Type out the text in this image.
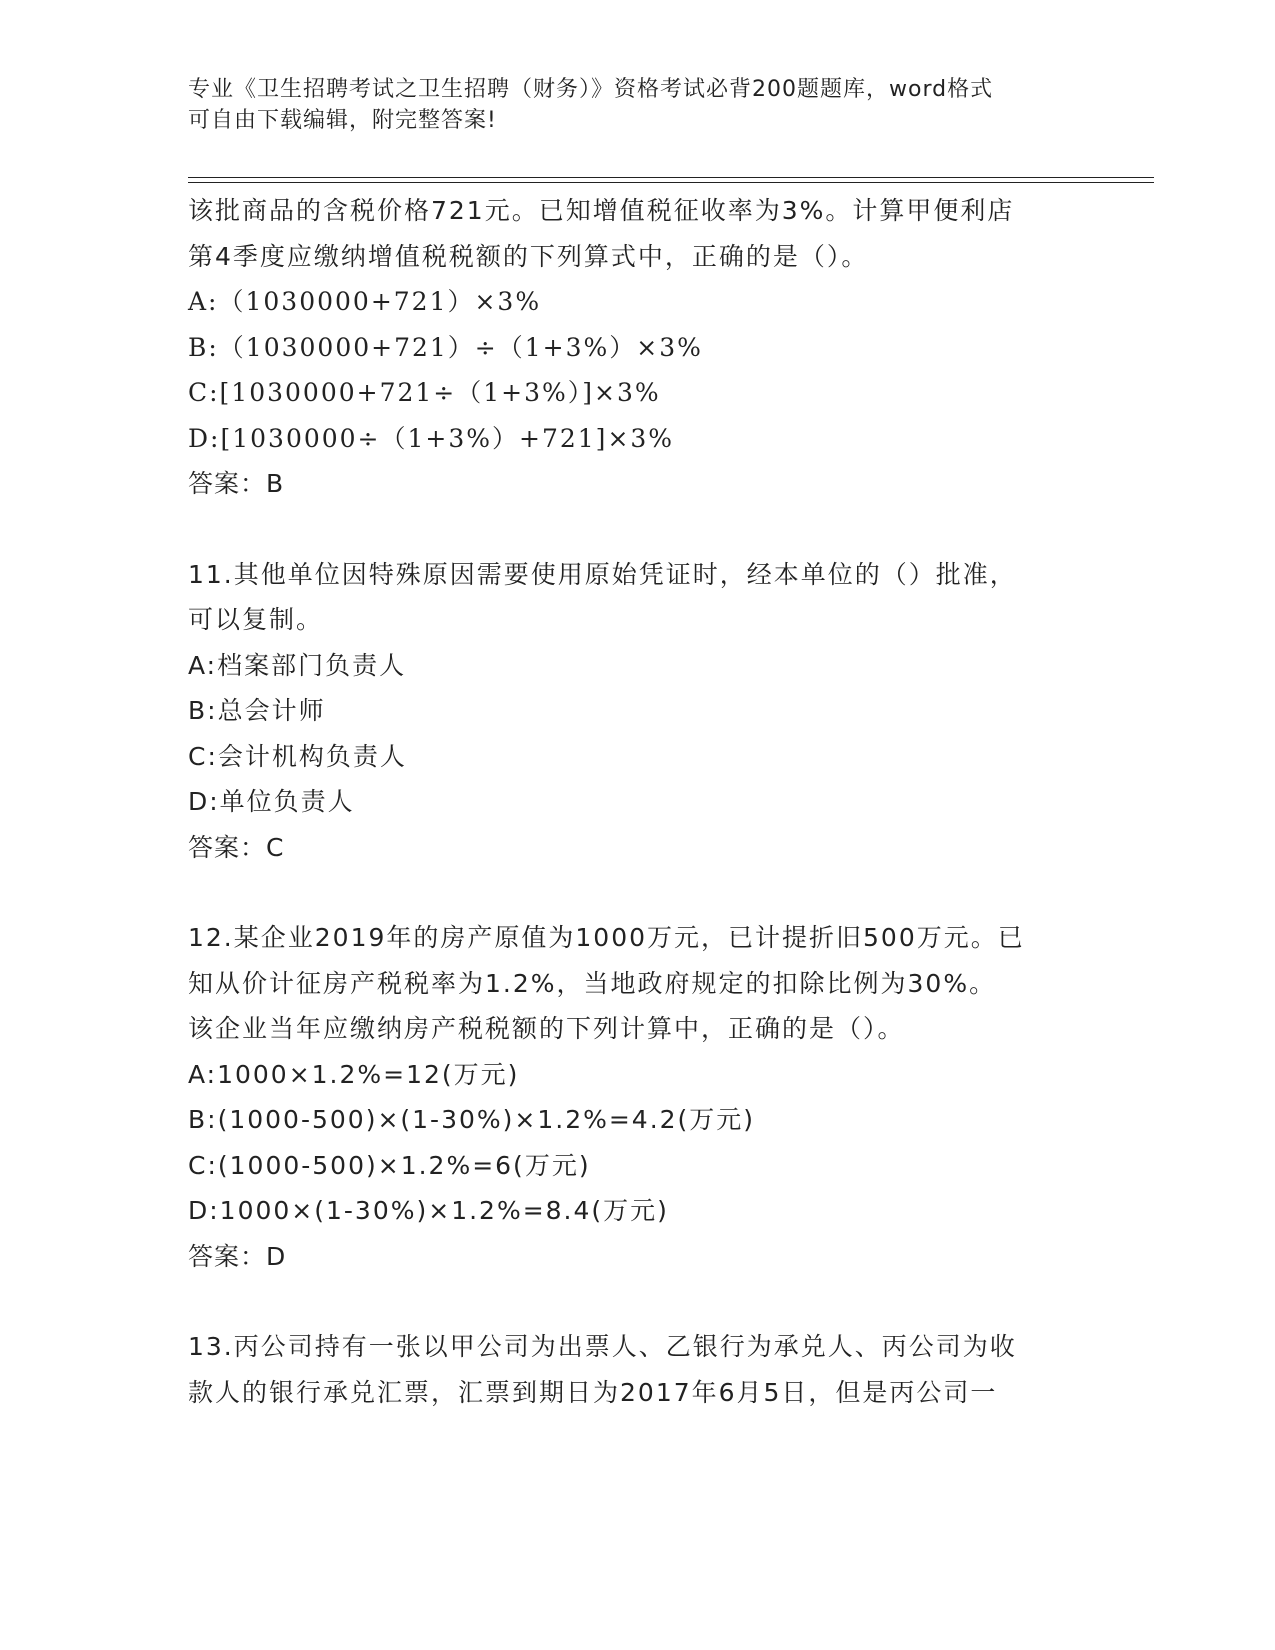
专业《卫生招聘考试之卫生招聘（财务）》资格考试必背200题题库，word格式
可自由下载编辑，附完整答案!
该批商品的含税价格721元。已知增值税征收率为3%。计算甲便利店
第4季度应缴纳增值税税额的下列算式中，正确的是（）。
A:（1030000+721）×3%
B:（1030000+721）÷（1+3%）×3%
C:[1030000+721÷（1+3%）]×3%
D:[1030000÷（1+3%）+721]×3%
答案：B
11.其他单位因特殊原因需要使用原始凭证时，经本单位的（）批准，
可以复制。
A:档案部门负责人
B:总会计师
C:会计机构负责人
D:单位负责人
答案：C
12.某企业2019年的房产原值为1000万元，已计提折旧500万元。已
知从价计征房产税税率为1.2%，当地政府规定的扣除比例为30%。
该企业当年应缴纳房产税税额的下列计算中，正确的是（）。
A:1000×1.2%=12(万元)
B:(1000-500)×(1-30%)×1.2%=4.2(万元)
C:(1000-500)×1.2%=6(万元)
D:1000×(1-30%)×1.2%=8.4(万元)
答案：D
13.丙公司持有一张以甲公司为出票人、乙银行为承兑人、丙公司为收
款人的银行承兑汇票，汇票到期日为2017年6月5日，但是丙公司一
